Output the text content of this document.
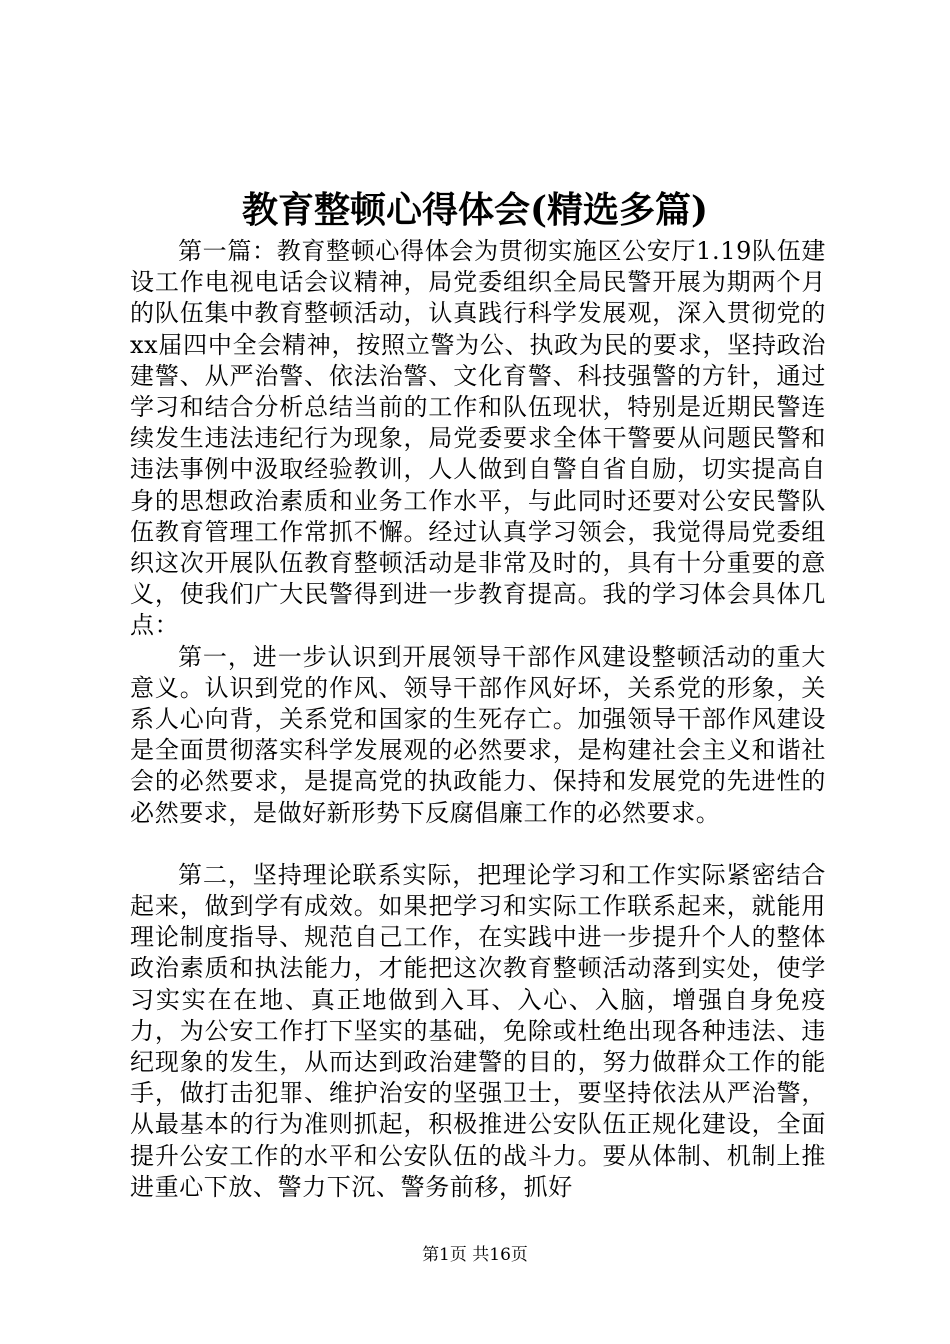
教育整顿心得体会(精选多篇)

第一篇：教育整顿心得体会为贯彻实施区公安厅1.19队伍建设工作电视电话会议精神，局党委组织全局民警开展为期两个月的队伍集中教育整顿活动，认真践行科学发展观，深入贯彻党的xx届四中全会精神，按照立警为公、执政为民的要求，坚持政治建警、从严治警、依法治警、文化育警、科技强警的方针，通过学习和结合分析总结当前的工作和队伍现状，特别是近期民警连续发生违法违纪行为现象，局党委要求全体干警要从问题民警和违法事例中汲取经验教训，人人做到自警自省自励，切实提高自身的思想政治素质和业务工作水平，与此同时还要对公安民警队伍教育管理工作常抓不懈。经过认真学习领会，我觉得局党委组织这次开展队伍教育整顿活动是非常及时的，具有十分重要的意义，使我们广大民警得到进一步教育提高。我的学习体会具体几点：

第一，进一步认识到开展领导干部作风建设整顿活动的重大意义。认识到党的作风、领导干部作风好坏，关系党的形象，关系人心向背，关系党和国家的生死存亡。加强领导干部作风建设是全面贯彻落实科学发展观的必然要求，是构建社会主义和谐社会的必然要求，是提高党的执政能力、保持和发展党的先进性的必然要求，是做好新形势下反腐倡廉工作的必然要求。

第二，坚持理论联系实际，把理论学习和工作实际紧密结合起来，做到学有成效。如果把学习和实际工作联系起来，就能用理论制度指导、规范自己工作，在实践中进一步提升个人的整体政治素质和执法能力，才能把这次教育整顿活动落到实处，使学习实实在在地、真正地做到入耳、入心、入脑，增强自身免疫力，为公安工作打下坚实的基础，免除或杜绝出现各种违法、违纪现象的发生，从而达到政治建警的目的，努力做群众工作的能手，做打击犯罪、维护治安的坚强卫士，要坚持依法从严治警，从最基本的行为准则抓起，积极推进公安队伍正规化建设，全面提升公安工作的水平和公安队伍的战斗力。要从体制、机制上推进重心下放、警力下沉、警务前移，抓好

第1页 共16页
